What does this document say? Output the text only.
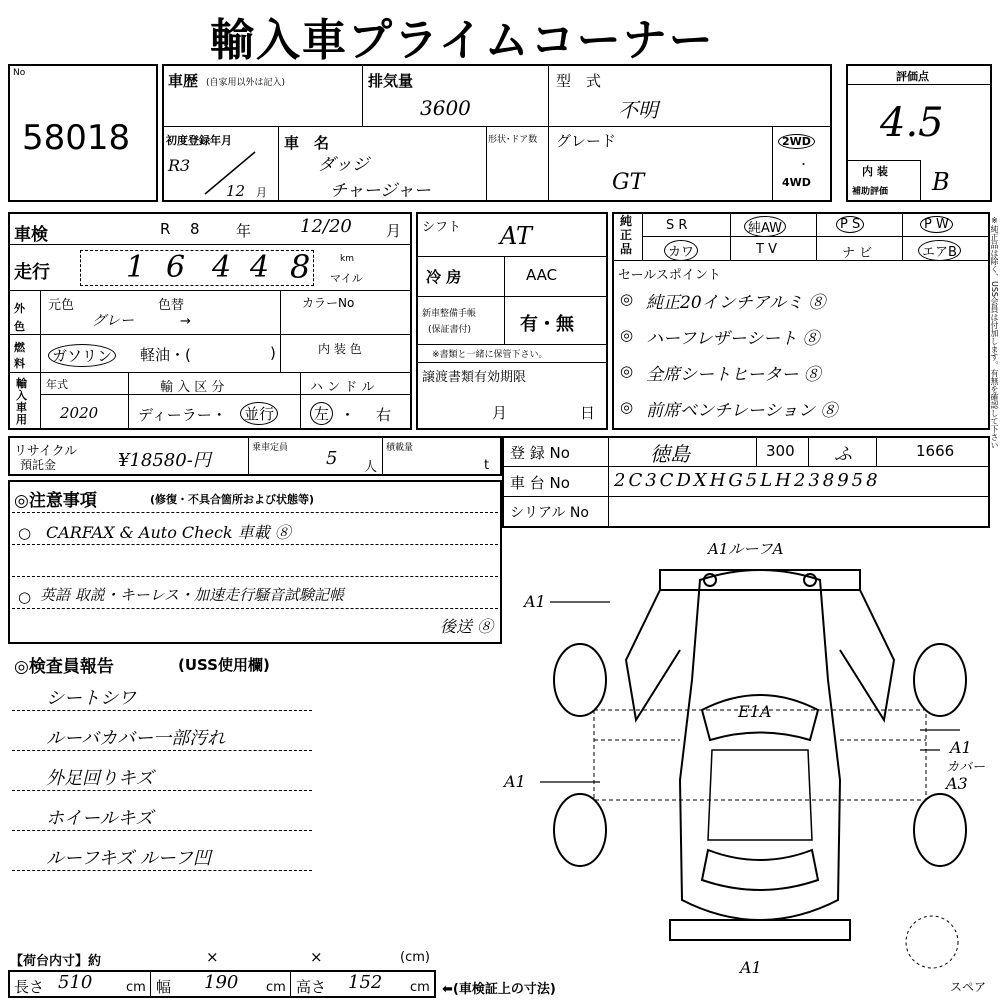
輸入車プライムコーナー
No
58018
車歴 (自家用以外は記入)	排気量
3600
型　式
不明
初度登録年月
R3
12 月
車　名
ダッジ
チャージャー
形状･ドア数 グレード
GT
2WD
・
4WD
評価点
4.5
内 装
補助評価 B
車検	R 8 年	12/20 月
走行	1 6 4 4 8	km
マイル
外色
元色
グレー
色替
→
カラーNo
燃料	ガソリン 軽油・(	)	内 装 色
輸入車用
年式
2020
輸 入 区 分
ディーラー・ 並行
ハ ン ド ル
左 ・ 右
シフト AT
冷 房	AAC
新車整備手帳
(保証書付)	有・無
※書類と一緒に保管下さい。
譲渡書類有効期限
月	日
純正品
S R	純AW	P S	P W
カワ	T V	ナ ビ	エアB
セールスポイント
◎ 純正20インチアルミ ⑧
◎ ハーフレザーシート ⑧
◎ 全席シートヒーター ⑧
◎ 前席ベンチレーション ⑧	※純正品は除く、USS会員は付加します。有無を確認して下さい
リサイクル
預託金	¥18580-円
乗車定員 5 人
積載量
t
登 録 No	徳島	300 ふ	1666
車 台 No 2C3CDXHG5LH238958
シリアル No
◎注意事項	(修復・不具合箇所および状態等)
○ CARFAX & Auto Check 車載 ⑧
○ 英語 取説・キーレス・加速走行騒音試験記帳
後送 ⑧
◎検査員報告	(USS使用欄)
シートシワ
ルーバカバー一部汚れ
外足回りキズ
ホイールキズ
ルーフキズ ルーフ凹
A1ルーフA
A1
A1
A1
カバー
A3
A1
E1A
スペア
【荷台内寸】約	×	×	(cm)
長さ 510	cm 幅 190 cm 高さ 152 cm ⬅(車検証上の寸法)
